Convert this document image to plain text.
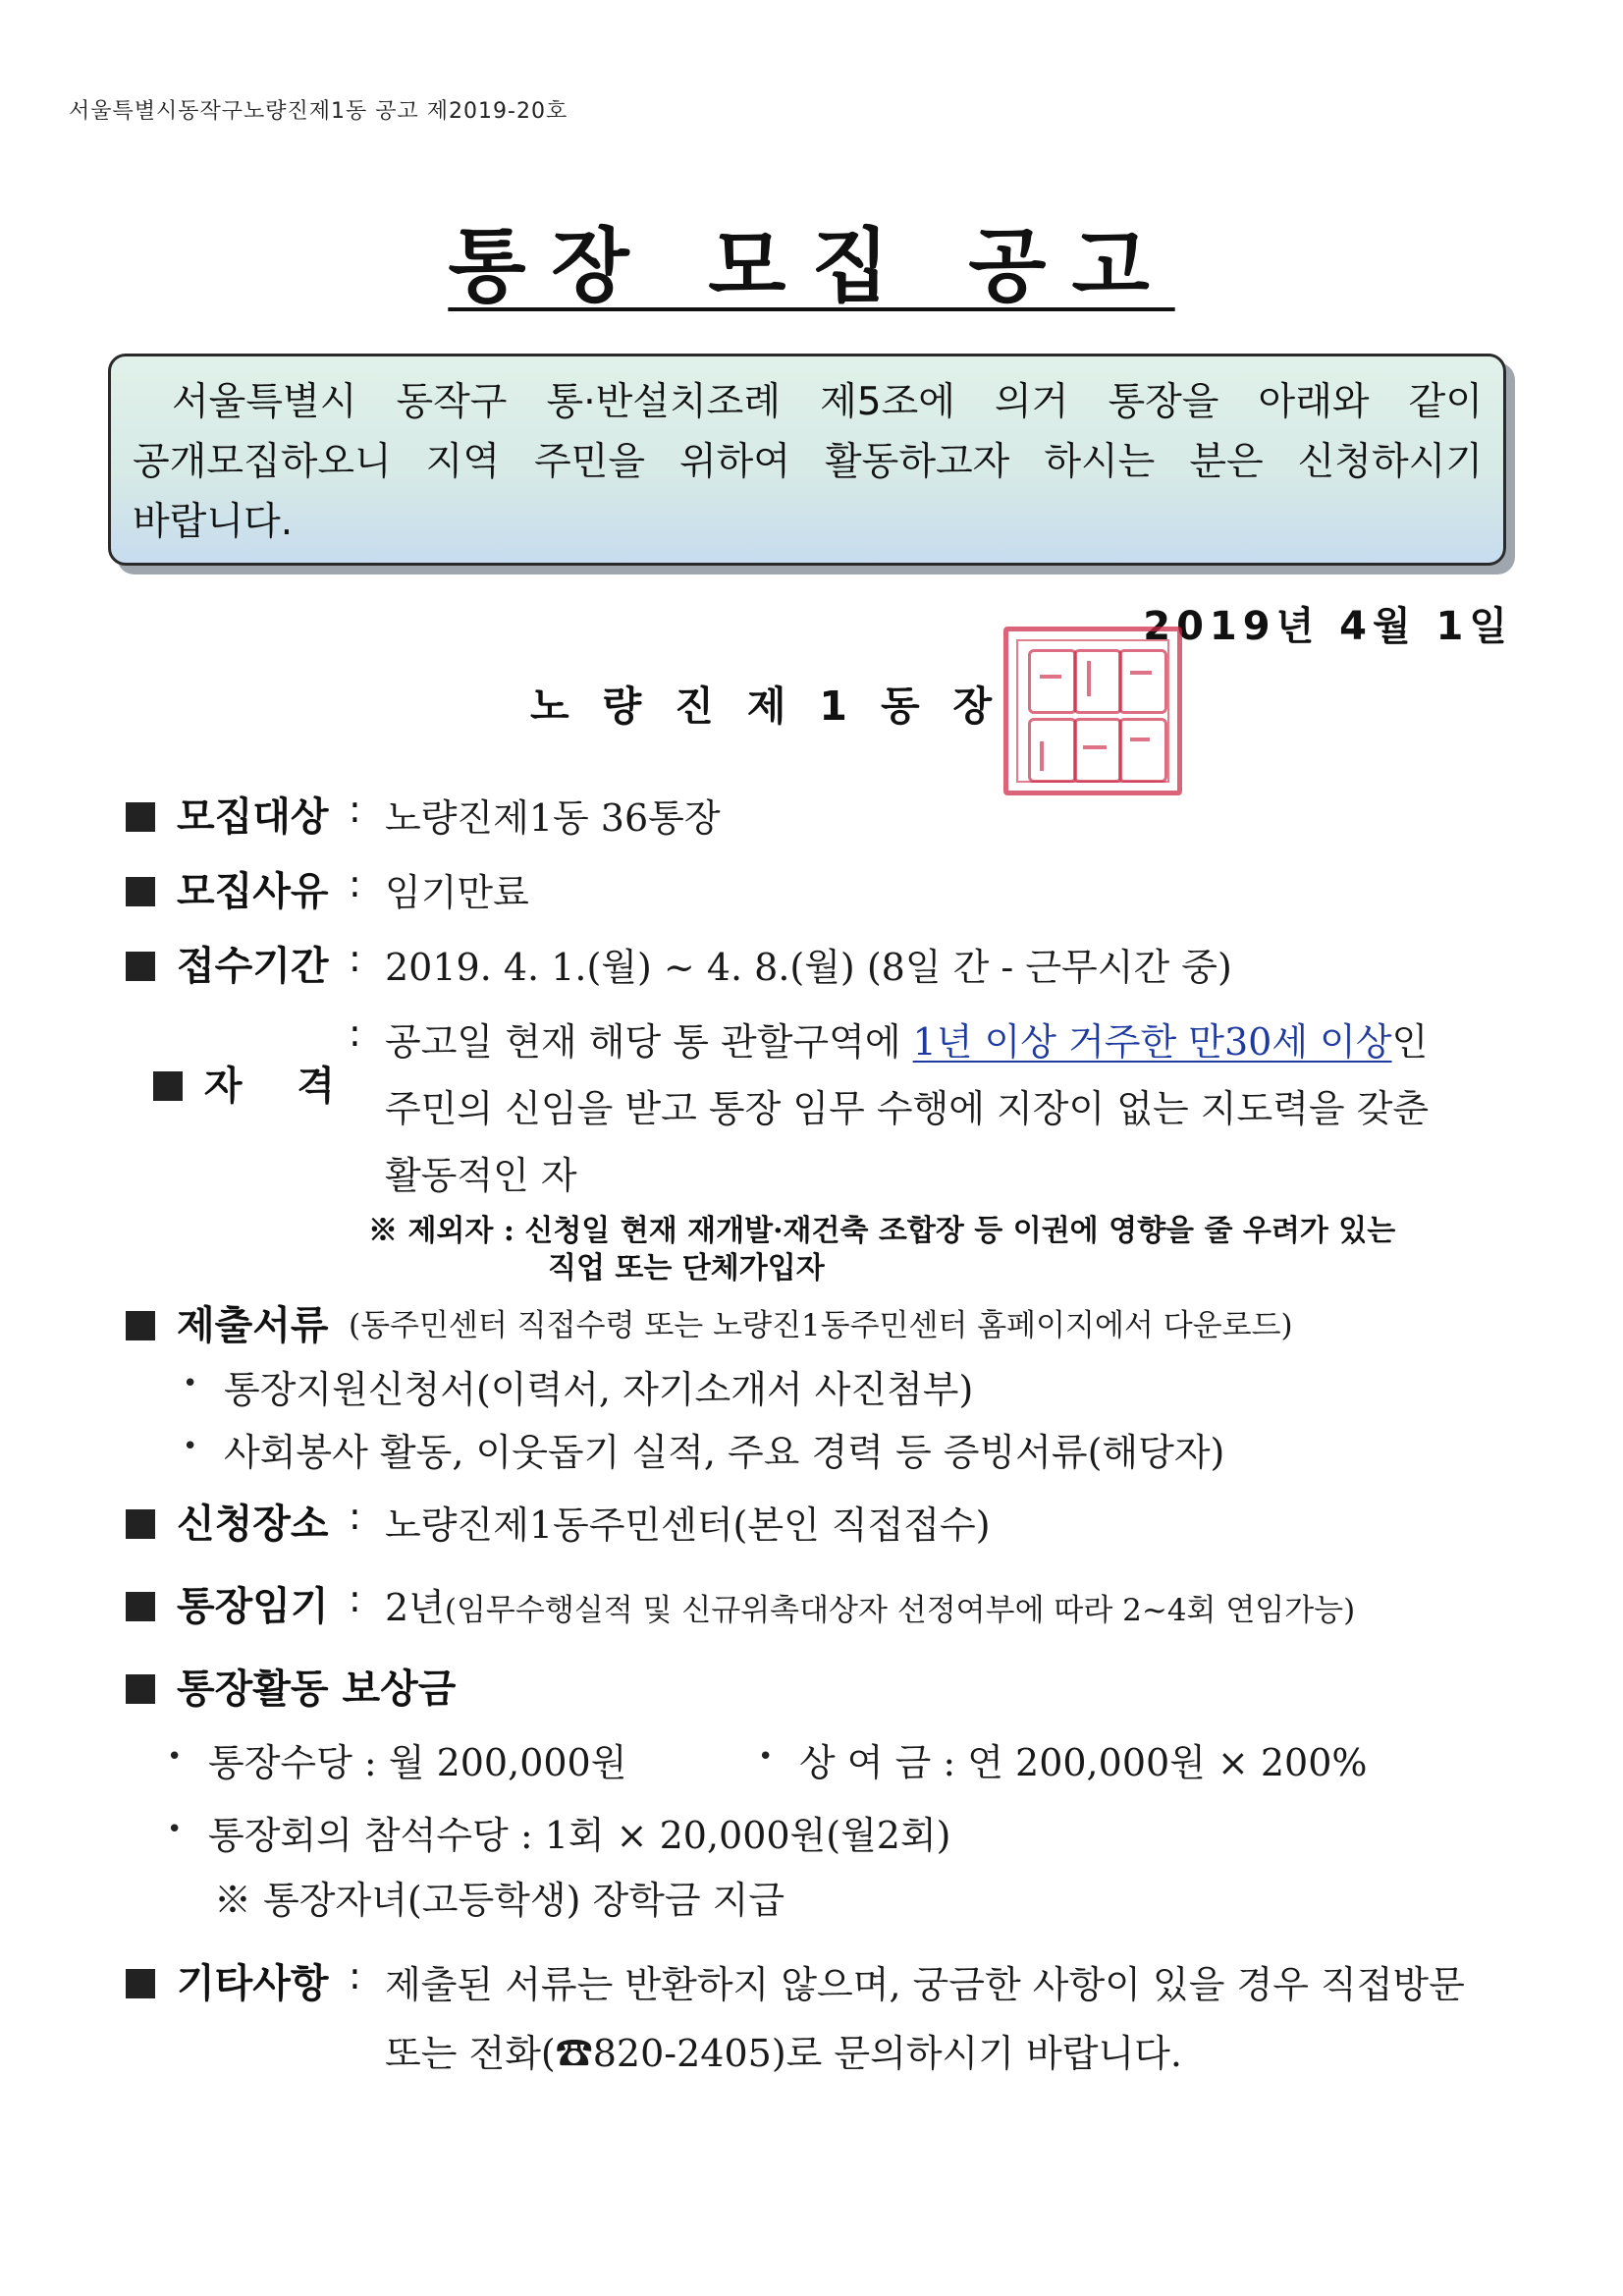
서울특별시동작구노량진제1동 공고 제2019-20호
통장 모집 공고
서울특별시 동작구 통·반설치조례 제5조에 의거 통장을 아래와 같이
공개모집하오니 지역 주민을 위하여 활동하고자 하시는 분은 신청하시기
바랍니다.
2019년 4월 1일
노량진제1동장
모집대상 : 노량진제1동 36통장
모집사유 : 임기만료
접수기간 : 2019. 4. 1.(월) ~ 4. 8.(월) (8일 간 - 근무시간 중)

자    격

: 공고일 현재 해당 통 관할구역에 1년 이상 거주한 만30세 이상인
주민의 신임을 받고 통장 임무 수행에 지장이 없는 지도력을 갖춘
활동적인 자
※ 제외자 : 신청일 현재 재개발·재건축 조합장 등 이권에 영향을 줄 우려가 있는
직업 또는 단체가입자
제출서류 (동주민센터 직접수령 또는 노량진1동주민센터 홈페이지에서 다운로드)
• 통장지원신청서(이력서, 자기소개서 사진첨부)
• 사회봉사 활동, 이웃돕기 실적, 주요 경력 등 증빙서류(해당자)
신청장소 : 노량진제1동주민센터(본인 직접접수)
통장임기 : 2년(임무수행실적 및 신규위촉대상자 선정여부에 따라 2~4회 연임가능)
통장활동 보상금
• 통장수당 : 월 200,000원	• 상 여 금 : 연 200,000원 × 200%
• 통장회의 참석수당 : 1회 × 20,000원(월2회)
※ 통장자녀(고등학생) 장학금 지급
기타사항 : 제출된 서류는 반환하지 않으며, 궁금한 사항이 있을 경우 직접방문
또는 전화(☎820-2405)로 문의하시기 바랍니다.
